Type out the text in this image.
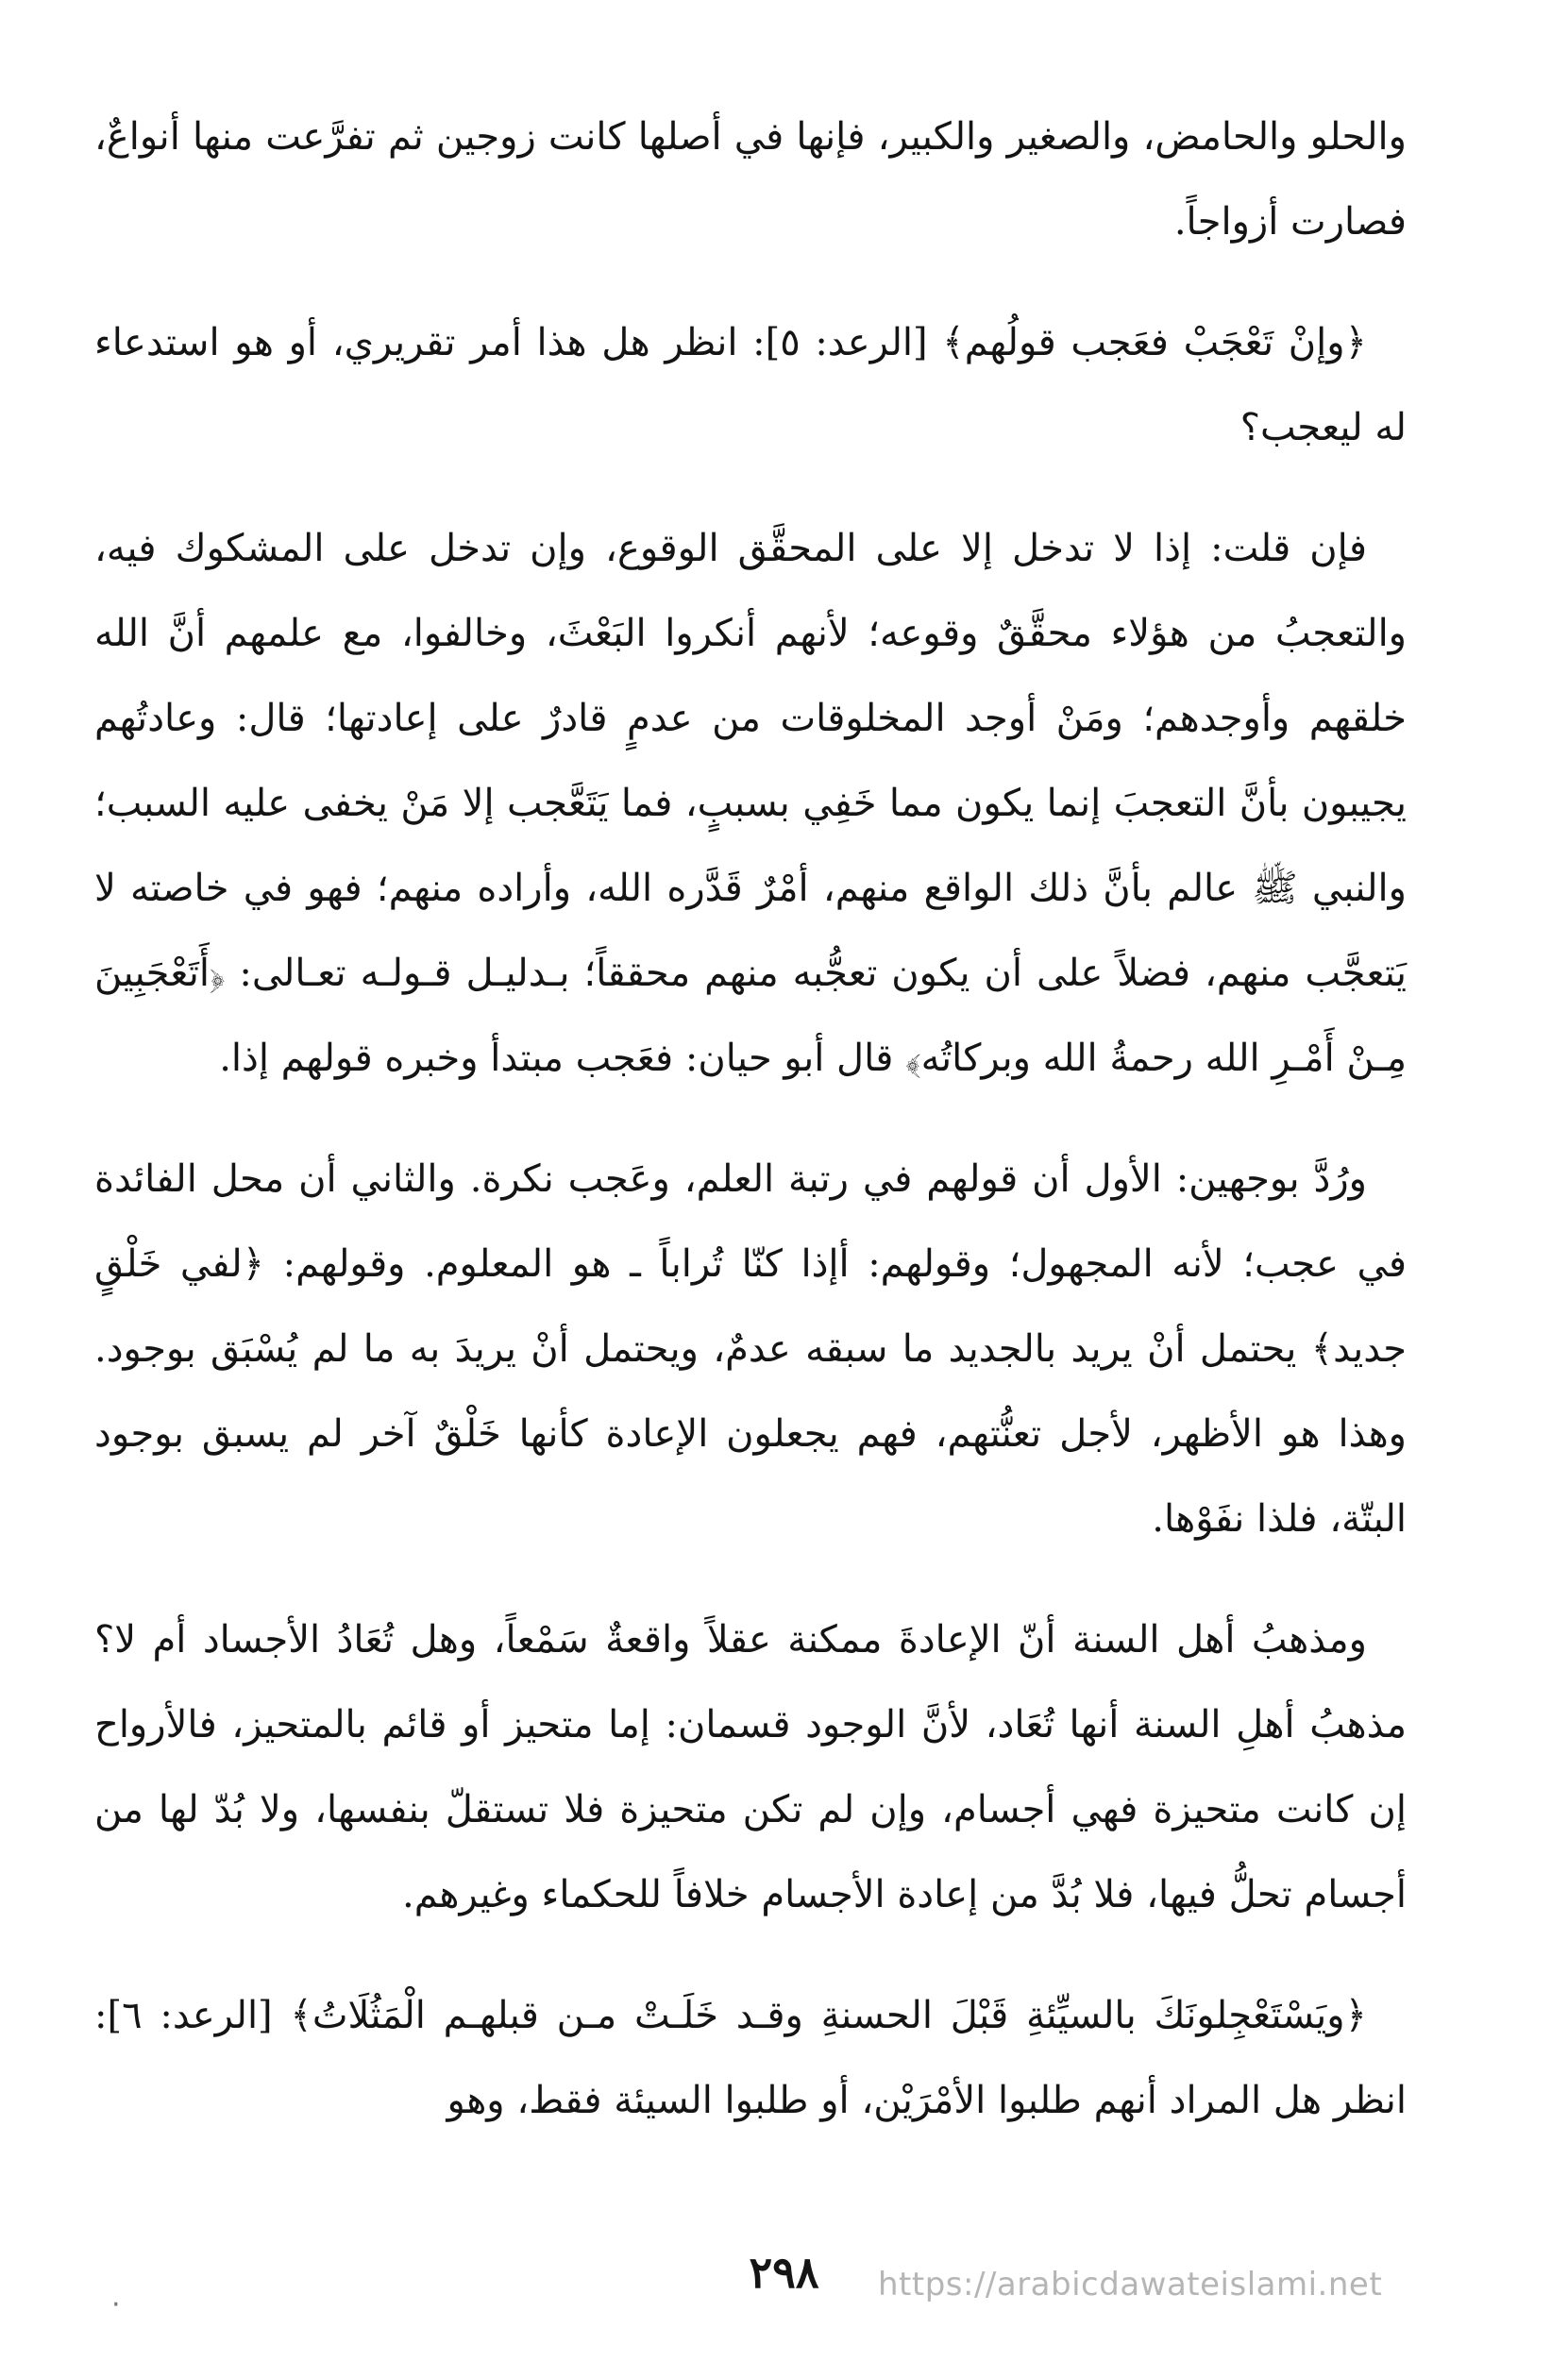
والحلو والحامض، والصغير والكبير، فإنها في أصلها كانت زوجين ثم تفرَّعت منها أنواعٌ، فصارت أزواجاً.

﴿وإنْ تَعْجَبْ فعَجب قولُهم﴾ [الرعد: ٥]: انظر هل هذا أمر تقريري، أو هو استدعاء له ليعجب؟

فإن قلت: إذا لا تدخل إلا على المحقَّق الوقوع، وإن تدخل على المشكوك فيه، والتعجبُ من هؤلاء محقَّقٌ وقوعه؛ لأنهم أنكروا البَعْثَ، وخالفوا، مع علمهم أنَّ الله خلقهم وأوجدهم؛ ومَنْ أوجد المخلوقات من عدمٍ قادرٌ على إعادتها؛ قال: وعادتُهم يجيبون بأنَّ التعجبَ إنما يكون مما خَفِي بسببٍ، فما يَتَعَّجب إلا مَنْ يخفى عليه السبب؛ والنبي ﷺ عالم بأنَّ ذلك الواقع منهم، أمْرٌ قَدَّره الله، وأراده منهم؛ فهو في خاصته لا يَتعجَّب منهم، فضلاً على أن يكون تعجُّبه منهم محققاً؛ بـدليـل قـولـه تعـالى: ﴿أَتَعْجَبِينَ مِـنْ أَمْـرِ الله رحمةُ الله وبركاتُه﴾ قال أبو حيان: فعَجب مبتدأ وخبره قولهم إذا.

ورُدَّ بوجهين: الأول أن قولهم في رتبة العلم، وعَجب نكرة. والثاني أن محل الفائدة في عجب؛ لأنه المجهول؛ وقولهم: أإذا كنّا تُراباً ـ هو المعلوم. وقولهم: ﴿لفي خَلْقٍ جديد﴾ يحتمل أنْ يريد بالجديد ما سبقه عدمٌ، ويحتمل أنْ يريدَ به ما لم يُسْبَق بوجود. وهذا هو الأظهر، لأجل تعنُّتهم، فهم يجعلون الإعادة كأنها خَلْقٌ آخر لم يسبق بوجود البتّة، فلذا نفَوْها.

ومذهبُ أهل السنة أنّ الإعادةَ ممكنة عقلاً واقعةٌ سَمْعاً، وهل تُعَادُ الأجساد أم لا؟ مذهبُ أهلِ السنة أنها تُعَاد، لأنَّ الوجود قسمان: إما متحيز أو قائم بالمتحيز، فالأرواح إن كانت متحيزة فهي أجسام، وإن لم تكن متحيزة فلا تستقلّ بنفسها، ولا بُدّ لها من أجسام تحلُّ فيها، فلا بُدَّ من إعادة الأجسام خلافاً للحكماء وغيرهم.

﴿ويَسْتَعْجِلونَكَ بالسيِّئةِ قَبْلَ الحسنةِ وقـد خَلَـتْ مـن قبلهـم الْمَثُلَاتُ﴾ [الرعد: ٦]: انظر هل المراد أنهم طلبوا الأمْرَيْن، أو طلبوا السيئة فقط، وهو

٢٩٨	https://arabicdawateislami.net
·
